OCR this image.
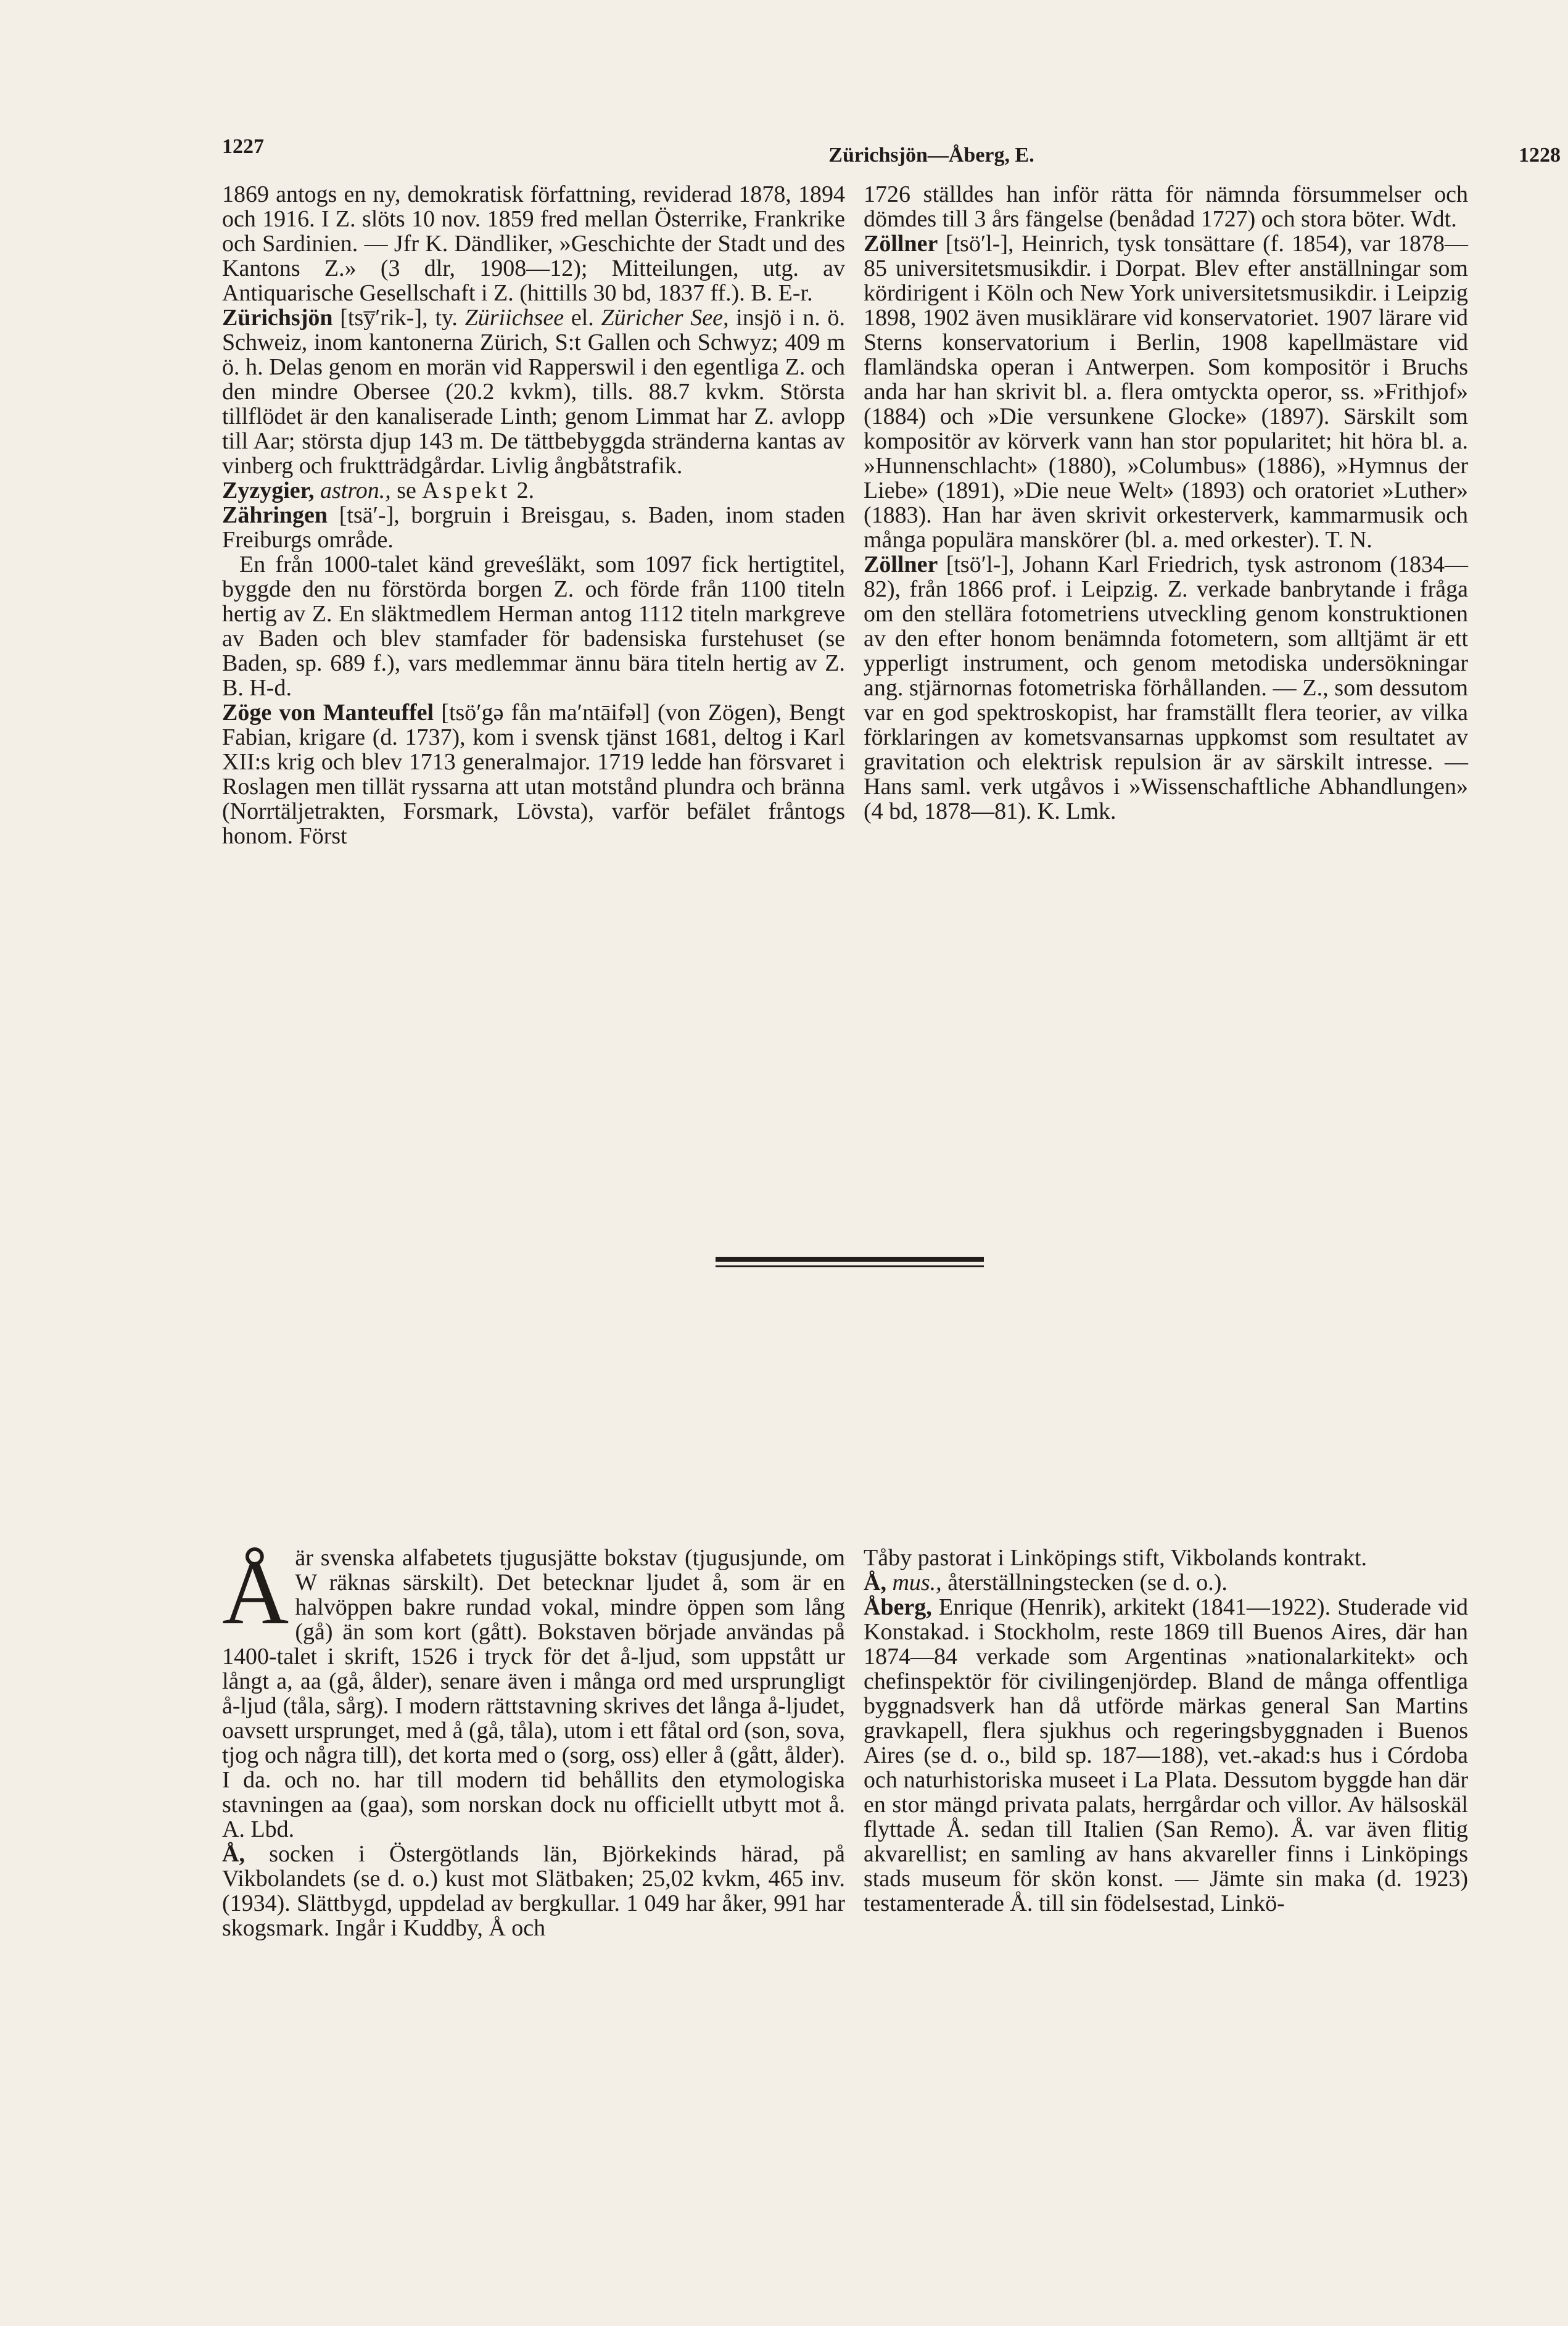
1227	Zürichsjön—Åberg, E.	1228

1869 antogs en ny, demokratisk författning, reviderad 1878, 1894 och 1916. I Z. slöts 10 nov. 1859 fred mellan Österrike, Frankrike och Sardinien. — Jfr K. Dändliker, »Geschichte der Stadt und des Kantons Z.» (3 dlr, 1908—12); Mitteilungen, utg. av Antiquarische Gesellschaft i Z. (hittills 30 bd, 1837 ff.). B. E-r.

Zürichsjön [tsy̅′rik-], ty. Züriichsee el. Züricher See, insjö i n. ö. Schweiz, inom kantonerna Zürich, S:t Gallen och Schwyz; 409 m ö. h. Delas genom en morän vid Rapperswil i den egentliga Z. och den mindre Obersee (20.2 kvkm), tills. 88.7 kvkm. Största tillflödet är den kanaliserade Linth; genom Limmat har Z. avlopp till Aar; största djup 143 m. De tättbebyggda stränderna kantas av vinberg och fruktträdgårdar. Livlig ångbåtstrafik.

Zyzygier, astron., se Aspekt 2.

Zähringen [tsä′-], borgruin i Breisgau, s. Baden, inom staden Freiburgs område.

En från 1000-talet känd greveśläkt, som 1097 fick hertigtitel, byggde den nu förstörda borgen Z. och förde från 1100 titeln hertig av Z. En släktmedlem Herman antog 1112 titeln markgreve av Baden och blev stamfader för badensiska furstehuset (se Baden, sp. 689 f.), vars medlemmar ännu bära titeln hertig av Z. B. H-d.

Zöge von Manteuffel [tsö′gə fån ma′ntāifəl] (von Zögen), Bengt Fabian, krigare (d. 1737), kom i svensk tjänst 1681, deltog i Karl XII:s krig och blev 1713 generalmajor. 1719 ledde han försvaret i Roslagen men tillät ryssarna att utan motstånd plundra och bränna (Norrtäljetrakten, Forsmark, Lövsta), varför befälet fråntogs honom. Först

1726 ställdes han inför rätta för nämnda försummelser och dömdes till 3 års fängelse (benådad 1727) och stora böter. Wdt.

Zöllner [tsö′l-], Heinrich, tysk tonsättare (f. 1854), var 1878—85 universitetsmusikdir. i Dorpat. Blev efter anställningar som kördirigent i Köln och New York universitetsmusikdir. i Leipzig 1898, 1902 även musiklärare vid konservatoriet. 1907 lärare vid Sterns konservatorium i Berlin, 1908 kapellmästare vid flamländska operan i Antwerpen. Som kompositör i Bruchs anda har han skrivit bl. a. flera omtyckta operor, ss. »Frithjof» (1884) och »Die versunkene Glocke» (1897). Särskilt som kompositör av körverk vann han stor popularitet; hit höra bl. a. »Hunnenschlacht» (1880), »Columbus» (1886), »Hymnus der Liebe» (1891), »Die neue Welt» (1893) och oratoriet »Luther» (1883). Han har även skrivit orkesterverk, kammarmusik och många populära manskörer (bl. a. med orkester). T. N.

Zöllner [tsö′l-], Johann Karl Friedrich, tysk astronom (1834—82), från 1866 prof. i Leipzig. Z. verkade banbrytande i fråga om den stellära fotometriens utveckling genom konstruktionen av den efter honom benämnda fotometern, som alltjämt är ett ypperligt instrument, och genom metodiska undersökningar ang. stjärnornas fotometriska förhållanden. — Z., som dessutom var en god spektroskopist, har framställt flera teorier, av vilka förklaringen av kometsvansarnas uppkomst som resultatet av gravitation och elektrisk repulsion är av särskilt intresse. — Hans saml. verk utgåvos i »Wissenschaftliche Abhandlungen» (4 bd, 1878—81). K. Lmk.

Åär svenska alfabetets tjugusjätte bokstav (tjugusjunde, om W räknas särskilt). Det betecknar ljudet å, som är en halvöppen bakre rundad vokal, mindre öppen som lång (gå) än som kort (gått). Bokstaven började användas på 1400-talet i skrift, 1526 i tryck för det å-ljud, som uppstått ur långt a, aa (gå, ålder), senare även i många ord med ursprungligt å-ljud (tåla, sårg). I modern rättstavning skrives det långa å-ljudet, oavsett ursprunget, med å (gå, tåla), utom i ett fåtal ord (son, sova, tjog och några till), det korta med o (sorg, oss) eller å (gått, ålder). I da. och no. har till modern tid behållits den etymologiska stavningen aa (gaa), som norskan dock nu officiellt utbytt mot å. A. Lbd.

Å, socken i Östergötlands län, Björkekinds härad, på Vikbolandets (se d. o.) kust mot Slätbaken; 25,02 kvkm, 465 inv. (1934). Slättbygd, uppdelad av bergkullar. 1 049 har åker, 991 har skogsmark. Ingår i Kuddby, Å och

Tåby pastorat i Linköpings stift, Vikbolands kontrakt.

Å, mus., återställningstecken (se d. o.).

Åberg, Enrique (Henrik), arkitekt (1841—1922). Studerade vid Konstakad. i Stockholm, reste 1869 till Buenos Aires, där han 1874—84 verkade som Argentinas »nationalarkitekt» och chefinspektör för civilingenjördep. Bland de många offentliga byggnadsverk han då utförde märkas general San Martins gravkapell, flera sjukhus och regeringsbyggnaden i Buenos Aires (se d. o., bild sp. 187—188), vet.-akad:s hus i Córdoba och naturhistoriska museet i La Plata. Dessutom byggde han där en stor mängd privata palats, herrgårdar och villor. Av hälsoskäl flyttade Å. sedan till Italien (San Remo). Å. var även flitig akvarellist; en samling av hans akvareller finns i Linköpings stads museum för skön konst. — Jämte sin maka (d. 1923) testamenterade Å. till sin födelsestad, Linkö-
